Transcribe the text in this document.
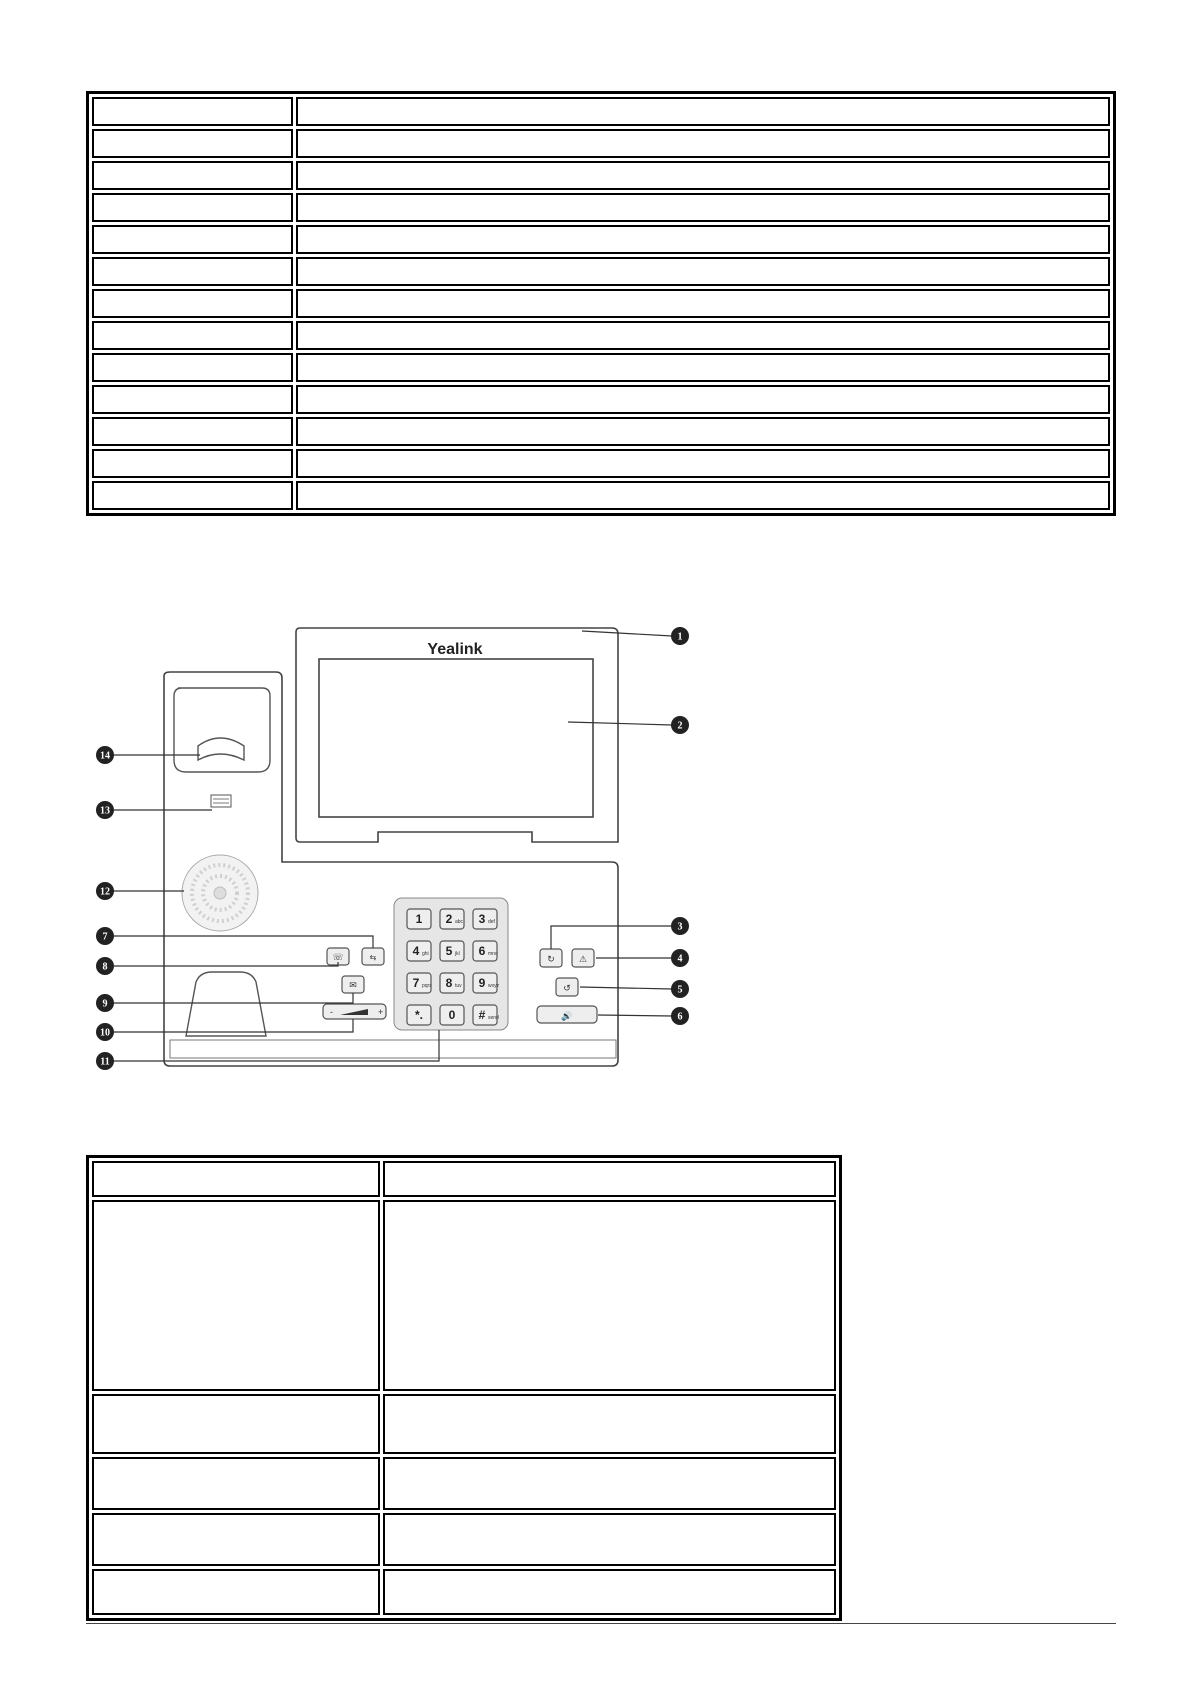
Yealink
☏	⇆
✉
-	+
1 2 abc 3 def
4 ghi 5 jkl 6 mno
7 pqrs 8 tuv 9 wxyz
*. 0 # send
↻	⚠
↺
🔊
1
2
3
4
5
6
7
8
9
10
11
12
13
14
